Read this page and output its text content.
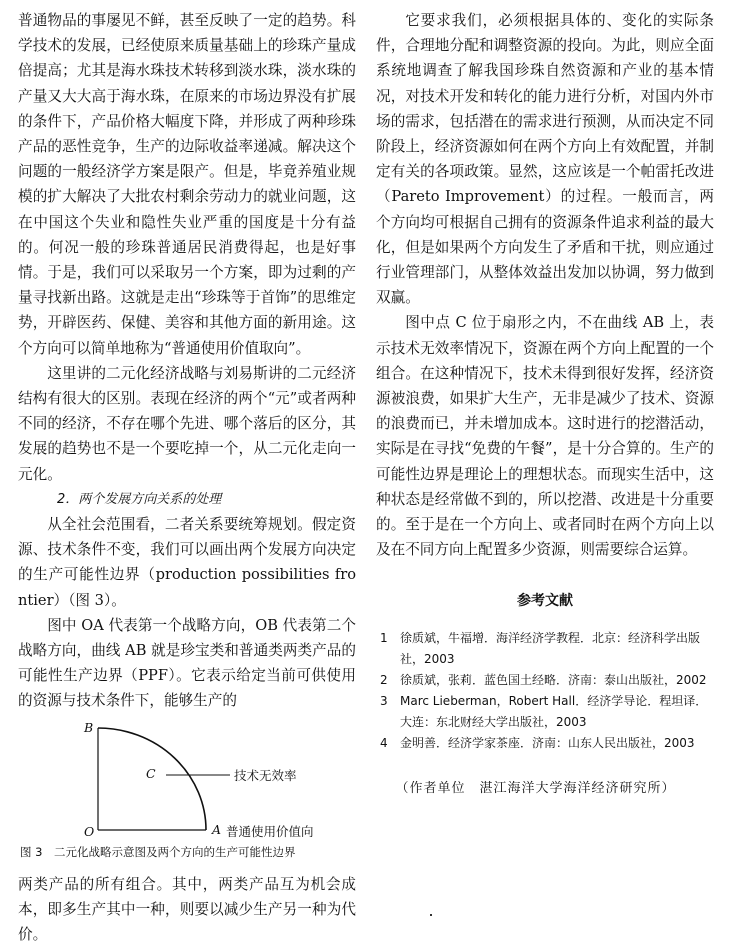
普通物品的事屡见不鲜，甚至反映了一定的趋势。科学技术的发展，已经使原来质量基础上的珍珠产量成倍提高；尤其是海水珠技术转移到淡水珠，淡水珠的产量又大大高于海水珠，在原来的市场边界没有扩展的条件下，产品价格大幅度下降，并形成了两种珍珠产品的恶性竞争，生产的边际收益率递减。解决这个问题的一般经济学方案是限产。但是，毕竟养殖业规模的扩大解决了大批农村剩余劳动力的就业问题，这在中国这个失业和隐性失业严重的国度是十分有益的。何况一般的珍珠普通居民消费得起，也是好事情。于是，我们可以采取另一个方案，即为过剩的产量寻找新出路。这就是走出“珍珠等于首饰”的思维定势，开辟医药、保健、美容和其他方面的新用途。这个方向可以简单地称为“普通使用价值取向”。

这里讲的二元化经济战略与刘易斯讲的二元经济结构有很大的区别。表现在经济的两个“元”或者两种不同的经济，不存在哪个先进、哪个落后的区分，其发展的趋势也不是一个要吃掉一个，从二元化走向一元化。

2．两个发展方向关系的处理

从全社会范围看，二者关系要统筹规划。假定资源、技术条件不变，我们可以画出两个发展方向决定的生产可能性边界（production possibilities frontier）（图 3）。

图中 OA 代表第一个战略方向，OB 代表第二个战略方向，曲线 AB 就是珍宝类和普通类两类产品的可能性生产边界（PPF）。它表示给定当前可供使用的资源与技术条件下，能够生产的

B
C	技术无效率
O	A 普通使用价值向
图 3　二元化战略示意图及两个方向的生产可能性边界

两类产品的所有组合。其中，两类产品互为机会成本，即多生产其中一种，则要以减少生产另一种为代价。

它要求我们，必须根据具体的、变化的实际条件，合理地分配和调整资源的投向。为此，则应全面系统地调查了解我国珍珠自然资源和产业的基本情况，对技术开发和转化的能力进行分析，对国内外市场的需求，包括潜在的需求进行预测，从而决定不同阶段上，经济资源如何在两个方向上有效配置，并制定有关的各项政策。显然，这应该是一个帕雷托改进（Pareto Improvement）的过程。一般而言，两个方向均可根据自己拥有的资源条件追求利益的最大化，但是如果两个方向发生了矛盾和干扰，则应通过行业管理部门，从整体效益出发加以协调，努力做到双赢。

图中点 C 位于扇形之内，不在曲线 AB 上，表示技术无效率情况下，资源在两个方向上配置的一个组合。在这种情况下，技术未得到很好发挥，经济资源被浪费，如果扩大生产，无非是减少了技术、资源的浪费而已，并未增加成本。这时进行的挖潜活动，实际是在寻找“免费的午餐”，是十分合算的。生产的可能性边界是理论上的理想状态。而现实生活中，这种状态是经常做不到的，所以挖潜、改进是十分重要的。至于是在一个方向上、或者同时在两个方向上以及在不同方向上配置多少资源，则需要综合运算。

参考文献
1 徐质斌，牛福增．海洋经济学教程．北京：经济科学出版社，2003
2 徐质斌，张莉．蓝色国土经略．济南：泰山出版社，2002
3 Marc Lieberman，Robert Hall．经济学导论．程坦译．大连：东北财经大学出版社，2003
4 金明善．经济学家茶座．济南：山东人民出版社，2003
（作者单位　湛江海洋大学海洋经济研究所）
